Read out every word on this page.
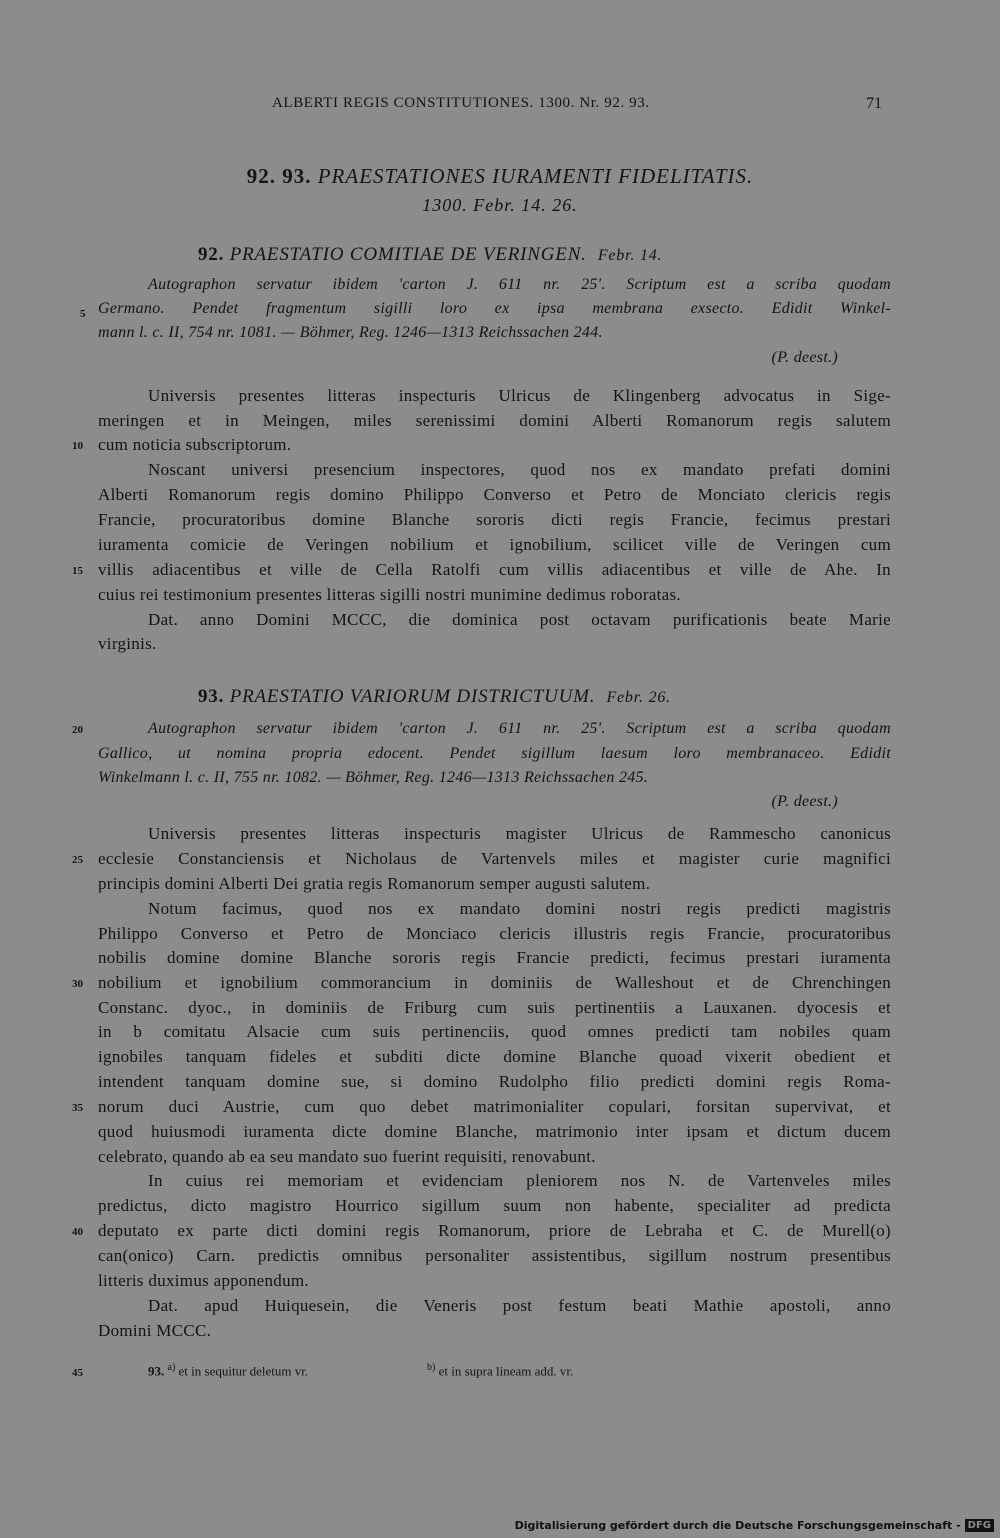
ALBERTI REGIS CONSTITUTIONES. 1300. Nr. 92. 93.	71
92. 93. PRAESTATIONES IURAMENTI FIDELITATIS.
1300. Febr. 14. 26.
92. PRAESTATIO COMITIAE DE VERINGEN. Febr. 14.
Autographon servatur ibidem 'carton J. 611 nr. 25'. Scriptum est a scriba quodam
Germano. Pendet fragmentum sigilli loro ex ipsa membrana exsecto. Edidit Winkel-
mann l. c. II, 754 nr. 1081. — Böhmer, Reg. 1246—1313 Reichssachen 244.
(P. deest.)
Universis presentes litteras inspecturis Ulricus de Klingenberg advocatus in Sige-
meringen et in Meingen, miles serenissimi domini Alberti Romanorum regis salutem
cum noticia subscriptorum.
Noscant universi presencium inspectores, quod nos ex mandato prefati domini
Alberti Romanorum regis domino Philippo Converso et Petro de Monciato clericis regis
Francie, procuratoribus domine Blanche sororis dicti regis Francie, fecimus prestari
iuramenta comicie de Veringen nobilium et ignobilium, scilicet ville de Veringen cum
villis adiacentibus et ville de Cella Ratolfi cum villis adiacentibus et ville de Ahe. In
cuius rei testimonium presentes litteras sigilli nostri munimine dedimus roboratas.
Dat. anno Domini MCCC, die dominica post octavam purificationis beate Marie
virginis.
93. PRAESTATIO VARIORUM DISTRICTUUM. Febr. 26.
Autographon servatur ibidem 'carton J. 611 nr. 25'. Scriptum est a scriba quodam
Gallico, ut nomina propria edocent. Pendet sigillum laesum loro membranaceo. Edidit
Winkelmann l. c. II, 755 nr. 1082. — Böhmer, Reg. 1246—1313 Reichssachen 245.
(P. deest.)
Universis presentes litteras inspecturis magister Ulricus de Rammescho canonicus
ecclesie Constanciensis et Nicholaus de Vartenvels miles et magister curie magnifici
principis domini Alberti Dei gratia regis Romanorum semper augusti salutem.
Notum facimus, quod nos ex mandato domini nostri regis predicti magistris
Philippo Converso et Petro de Monciaco clericis illustris regis Francie, procuratoribus
nobilis domine domine Blanche sororis regis Francie predicti, fecimus prestari iuramenta
nobilium et ignobilium commorancium in dominiis de Walleshout et de Chrenchingen
Constanc. dyoc., in dominiis de Friburg cum suis pertinentiis a Lauxanen. dyocesis et
in b comitatu Alsacie cum suis pertinenciis, quod omnes predicti tam nobiles quam
ignobiles tanquam fideles et subditi dicte domine Blanche quoad vixerit obedient et
intendent tanquam domine sue, si domino Rudolpho filio predicti domini regis Roma-
norum duci Austrie, cum quo debet matrimonialiter copulari, forsitan supervivat, et
quod huiusmodi iuramenta dicte domine Blanche, matrimonio inter ipsam et dictum ducem
celebrato, quando ab ea seu mandato suo fuerint requisiti, renovabunt.
In cuius rei memoriam et evidenciam pleniorem nos N. de Vartenveles miles
predictus, dicto magistro Hourrico sigillum suum non habente, specialiter ad predicta
deputato ex parte dicti domini regis Romanorum, priore de Lebraha et C. de Murell(o)
can(onico) Carn. predictis omnibus personaliter assistentibus, sigillum nostrum presentibus
litteris duximus apponendum.
Dat. apud Huiquesein, die Veneris post festum beati Mathie apostoli, anno
Domini MCCC.
93. $^{a)}$ et in sequitur deletum vr.	$^{b)}$ et in supra lineam add. vr.
5
10
15
20
25
30
35
40
45
Digitalisierung gefördert durch die Deutsche Forschungsgemeinschaft - DFG
